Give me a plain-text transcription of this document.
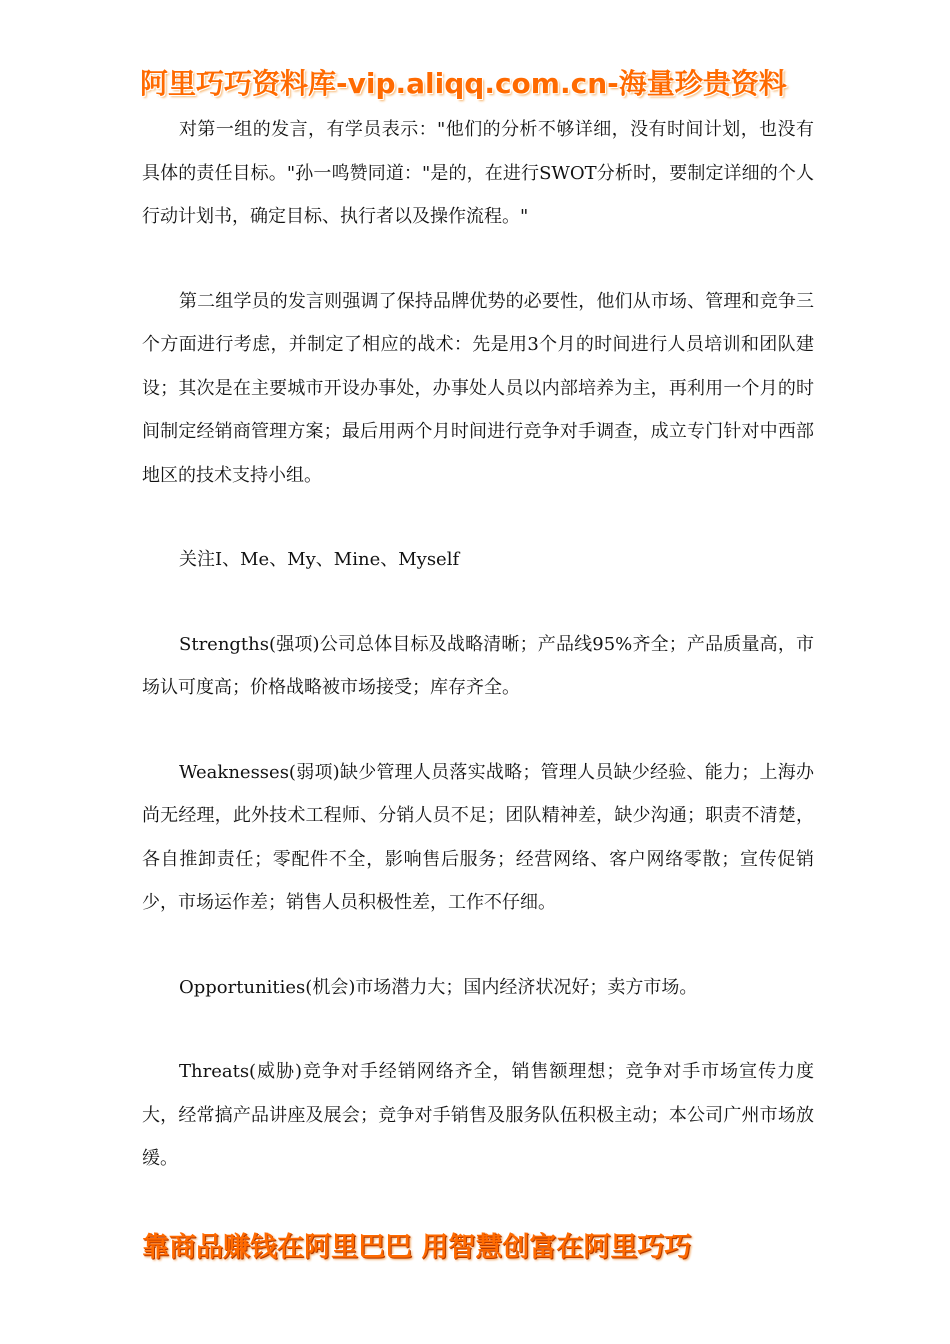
阿里巧巧资料库-vip.aliqq.com.cn-海量珍贵资料

对第一组的发言，有学员表示："他们的分析不够详细，没有时间计划，也没有具体的责任目标。"孙一鸣赞同道："是的，在进行SWOT分析时，要制定详细的个人行动计划书，确定目标、执行者以及操作流程。"

第二组学员的发言则强调了保持品牌优势的必要性，他们从市场、管理和竞争三个方面进行考虑，并制定了相应的战术：先是用3个月的时间进行人员培训和团队建设；其次是在主要城市开设办事处，办事处人员以内部培养为主，再利用一个月的时间制定经销商管理方案；最后用两个月时间进行竞争对手调查，成立专门针对中西部地区的技术支持小组。

关注I、Me、My、Mine、Myself

Strengths(强项)公司总体目标及战略清晰；产品线95%齐全；产品质量高，市场认可度高；价格战略被市场接受；库存齐全。

Weaknesses(弱项)缺少管理人员落实战略；管理人员缺少经验、能力；上海办尚无经理，此外技术工程师、分销人员不足；团队精神差，缺少沟通；职责不清楚，各自推卸责任；零配件不全，影响售后服务；经营网络、客户网络零散；宣传促销少，市场运作差；销售人员积极性差，工作不仔细。

Opportunities(机会)市场潜力大；国内经济状况好；卖方市场。

Threats(威胁)竞争对手经销网络齐全，销售额理想；竞争对手市场宣传力度大，经常搞产品讲座及展会；竞争对手销售及服务队伍积极主动；本公司广州市场放缓。

靠商品赚钱在阿里巴巴 用智慧创富在阿里巧巧
